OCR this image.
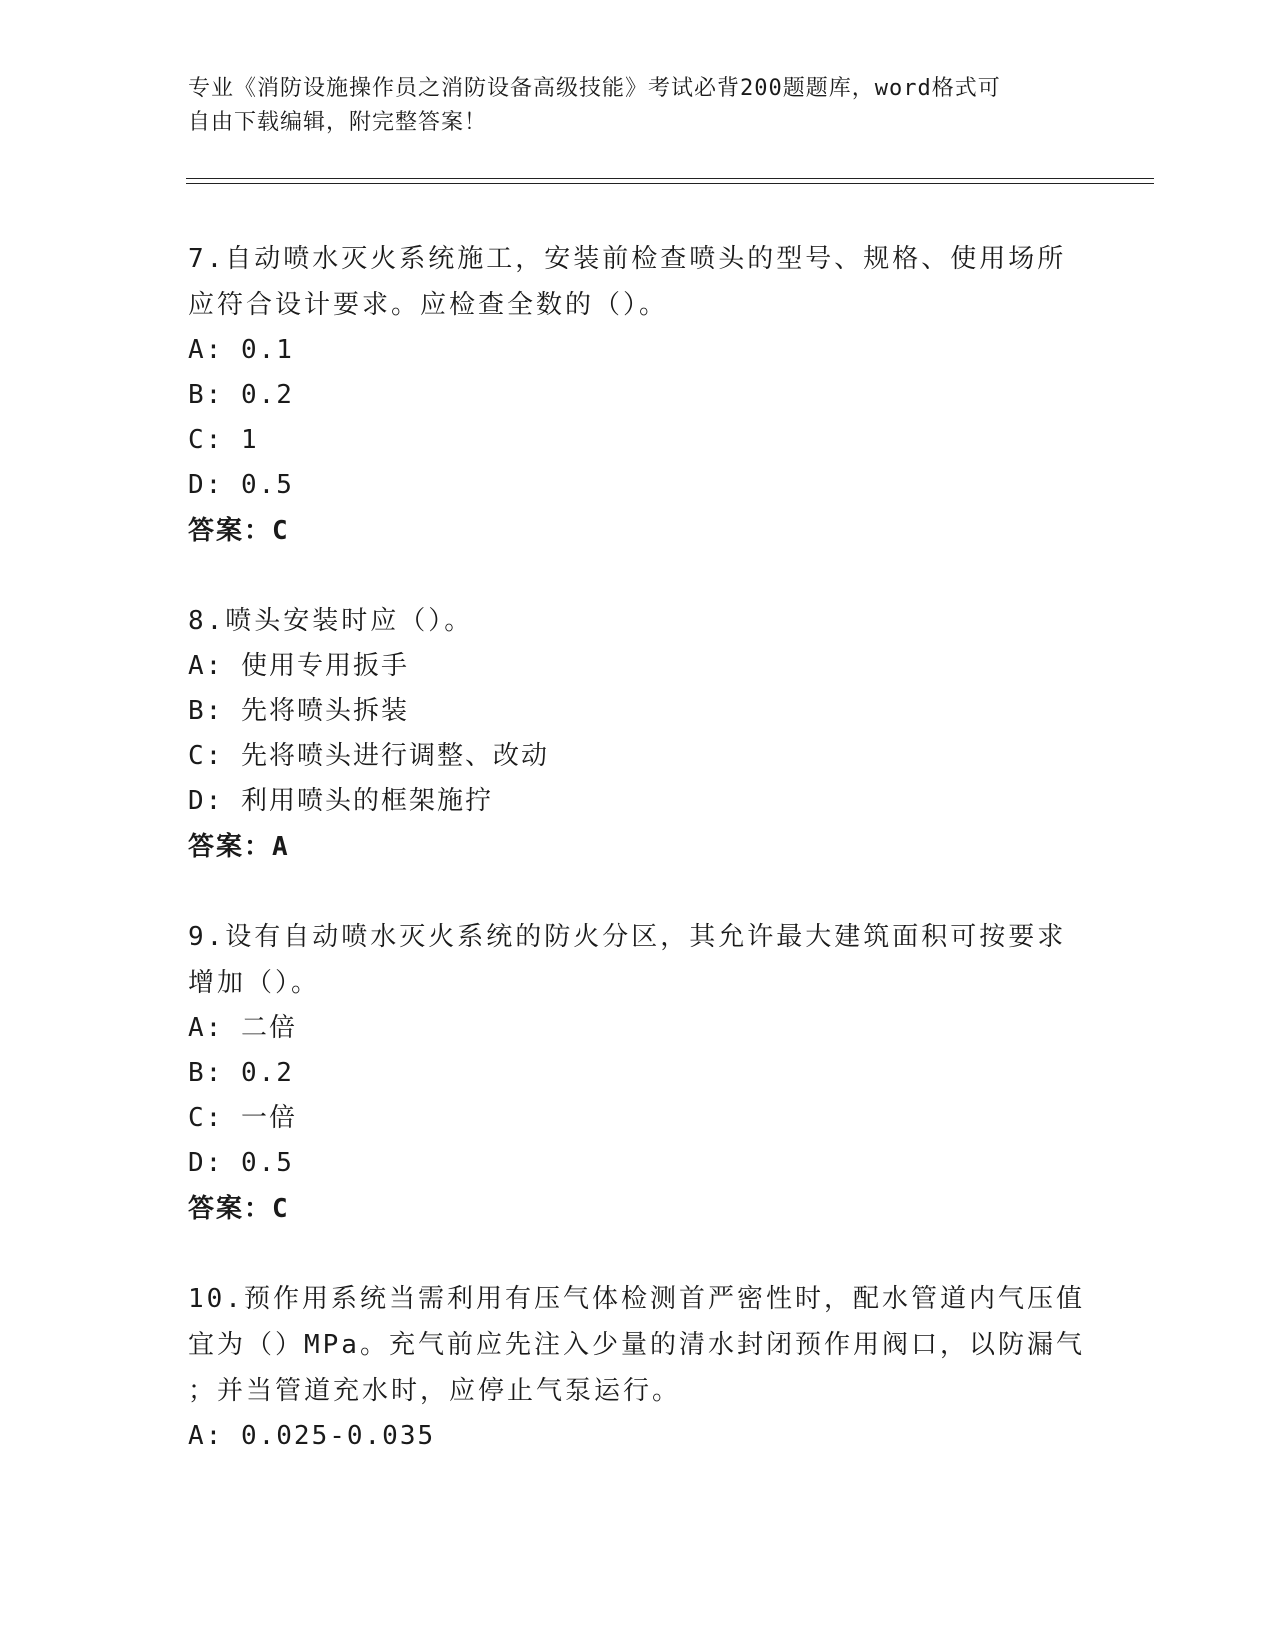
专业《消防设施操作员之消防设备高级技能》考试必背200题题库，word格式可
自由下载编辑，附完整答案！
7.自动喷水灭火系统施工，安装前检查喷头的型号、规格、使用场所
应符合设计要求。应检查全数的（）。
A: 0.1
B: 0.2
C: 1
D: 0.5
答案：C
8.喷头安装时应（）。
A: 使用专用扳手
B: 先将喷头拆装
C: 先将喷头进行调整、改动
D: 利用喷头的框架施拧
答案：A
9.设有自动喷水灭火系统的防火分区，其允许最大建筑面积可按要求
增加（）。
A: 二倍
B: 0.2
C: 一倍
D: 0.5
答案：C
10.预作用系统当需利用有压气体检测首严密性时，配水管道内气压值
宜为（）MPa。充气前应先注入少量的清水封闭预作用阀口，以防漏气
；并当管道充水时，应停止气泵运行。
A: 0.025-0.035
